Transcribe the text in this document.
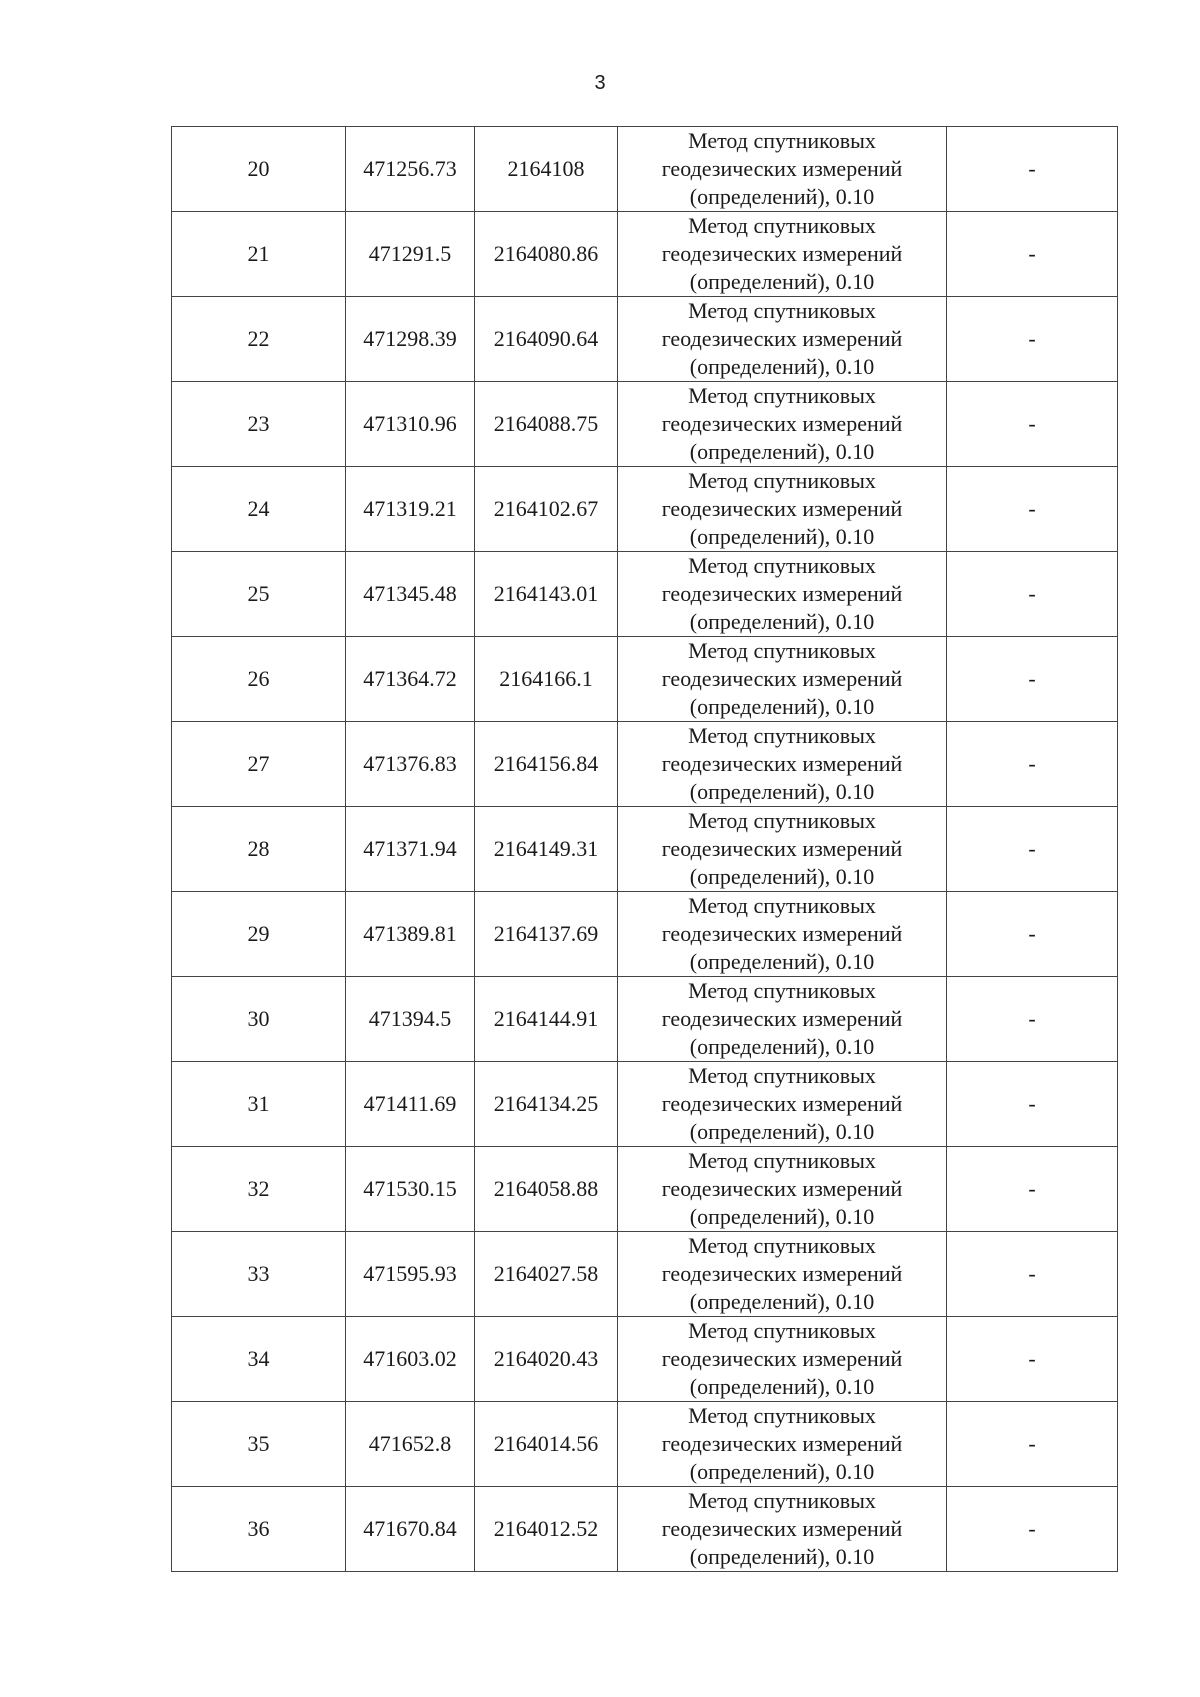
3
20	471256.73	2164108	Метод спутниковых геодезических измерений (определений), 0.10	-
21	471291.5	2164080.86	Метод спутниковых геодезических измерений (определений), 0.10	-
22	471298.39	2164090.64	Метод спутниковых геодезических измерений (определений), 0.10	-
23	471310.96	2164088.75	Метод спутниковых геодезических измерений (определений), 0.10	-
24	471319.21	2164102.67	Метод спутниковых геодезических измерений (определений), 0.10	-
25	471345.48	2164143.01	Метод спутниковых геодезических измерений (определений), 0.10	-
26	471364.72	2164166.1	Метод спутниковых геодезических измерений (определений), 0.10	-
27	471376.83	2164156.84	Метод спутниковых геодезических измерений (определений), 0.10	-
28	471371.94	2164149.31	Метод спутниковых геодезических измерений (определений), 0.10	-
29	471389.81	2164137.69	Метод спутниковых геодезических измерений (определений), 0.10	-
30	471394.5	2164144.91	Метод спутниковых геодезических измерений (определений), 0.10	-
31	471411.69	2164134.25	Метод спутниковых геодезических измерений (определений), 0.10	-
32	471530.15	2164058.88	Метод спутниковых геодезических измерений (определений), 0.10	-
33	471595.93	2164027.58	Метод спутниковых геодезических измерений (определений), 0.10	-
34	471603.02	2164020.43	Метод спутниковых геодезических измерений (определений), 0.10	-
35	471652.8	2164014.56	Метод спутниковых геодезических измерений (определений), 0.10	-
36	471670.84	2164012.52	Метод спутниковых геодезических измерений (определений), 0.10	-
